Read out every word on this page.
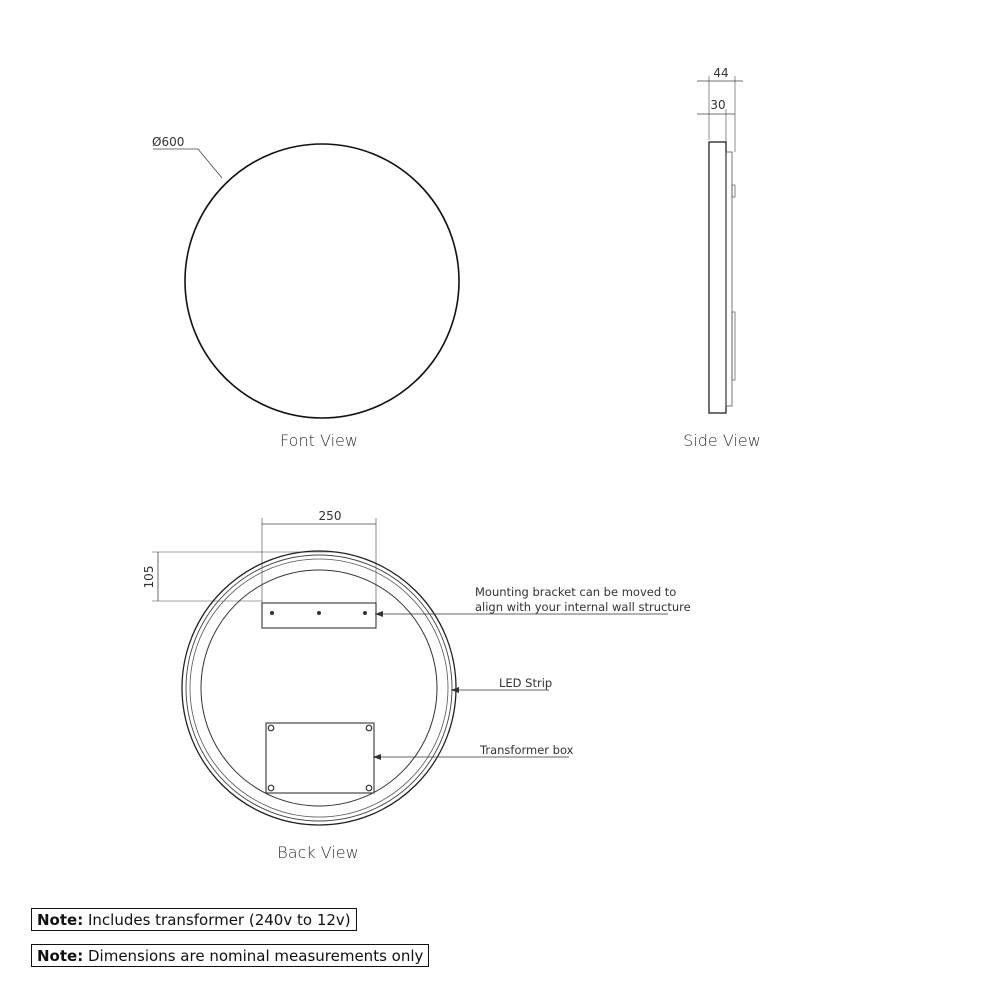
Ø600
Font View
44
30
Side View
250
105
Mounting bracket can be moved to
align with your internal wall structure
LED Strip
Transformer box
Back View
Note: Includes transformer (240v to 12v)
Note: Dimensions are nominal measurements only
